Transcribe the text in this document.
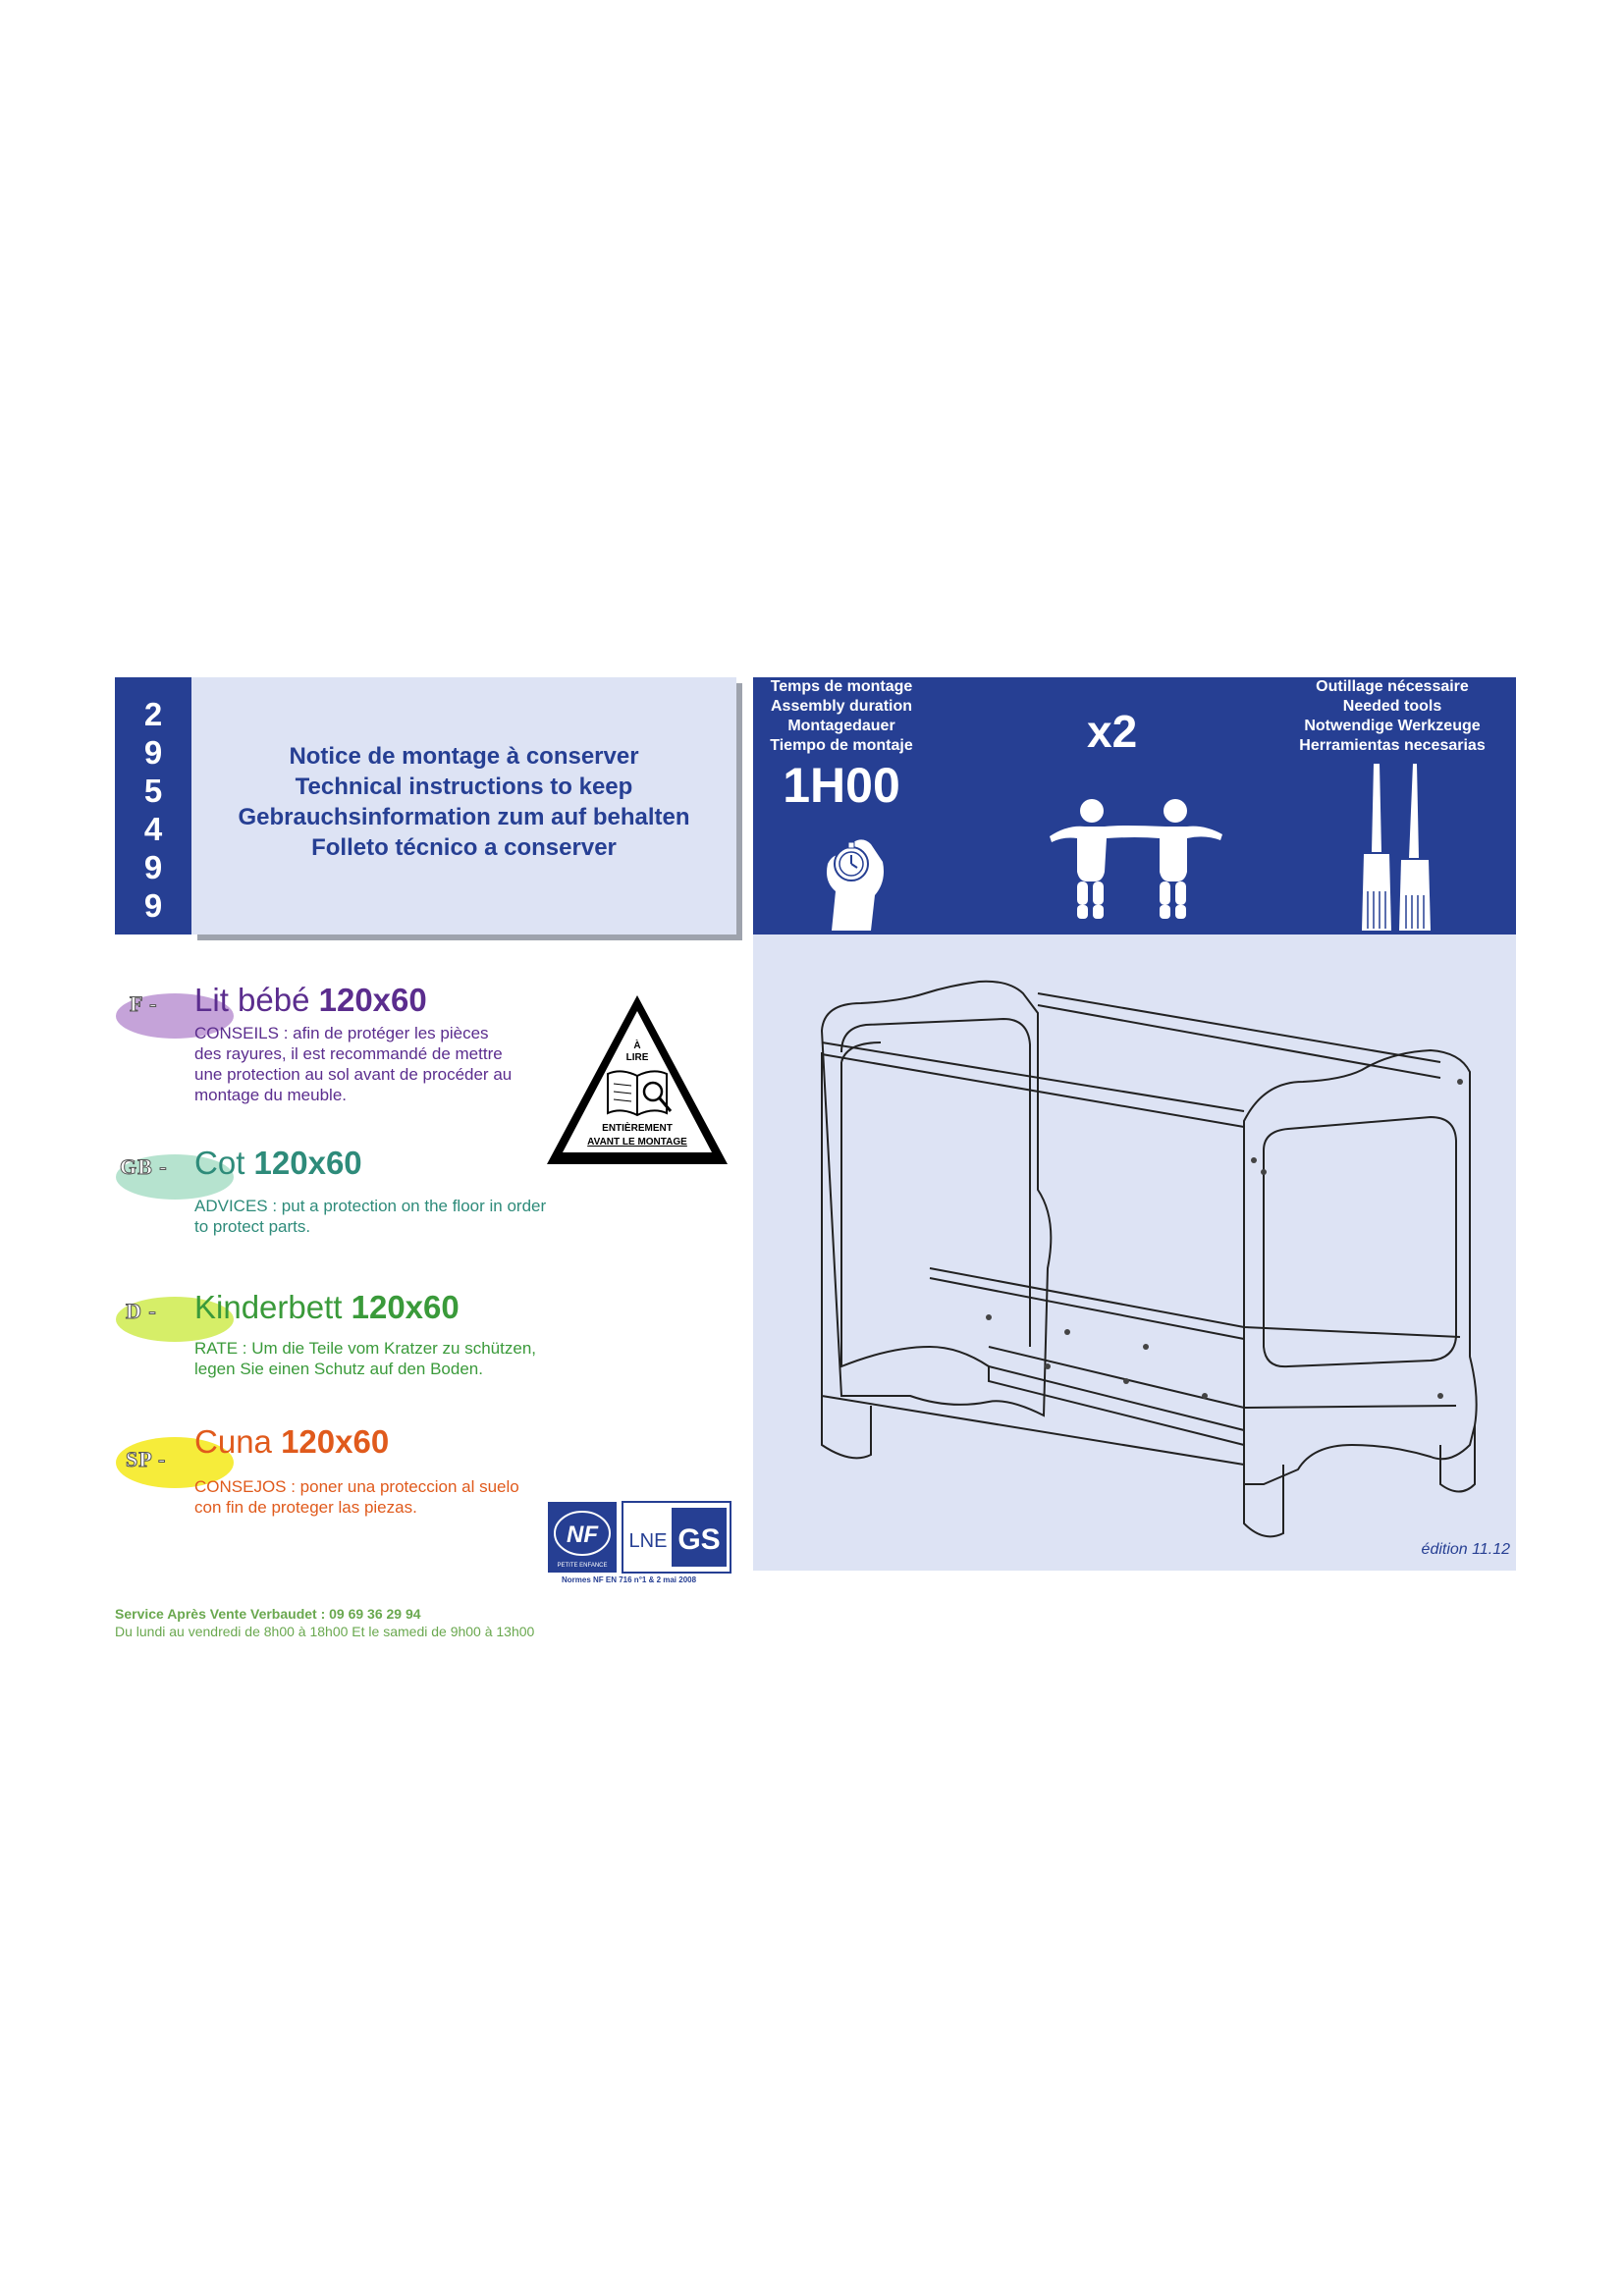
2
9
5
4
9
9
Notice de montage à conserver
Technical instructions to keep
Gebrauchsinformation zum auf behalten
Folleto técnico a conserver
Temps de montage
Assembly duration
Montagedauer
Tiempo de montaje
1H00
x2
Outillage nécessaire
Needed tools
Notwendige Werkzeuge
Herramientas necesarias
édition 11.12
F - Lit bébé 120x60
CONSEILS : afin de protéger les pièces
des rayures, il est recommandé de mettre
une protection au sol avant de procéder au
montage du meuble.
GB - Cot 120x60
ADVICES : put a protection on the floor in order
to protect parts.
D - Kinderbett 120x60
RATE : Um die Teile vom Kratzer zu schützen,
legen Sie einen Schutz auf den Boden.
SP - Cuna 120x60
CONSEJOS : poner una proteccion al suelo
con fin de proteger las piezas.
À
LIRE
ENTIÈREMENT
AVANT LE MONTAGE
NF
PETITE ENFANCE
LNE GS
Normes NF EN 716 n°1 & 2 mai 2008
Service Après Vente Verbaudet : 09 69 36 29 94
Du lundi au vendredi de 8h00 à 18h00 Et le samedi de 9h00 à 13h00
